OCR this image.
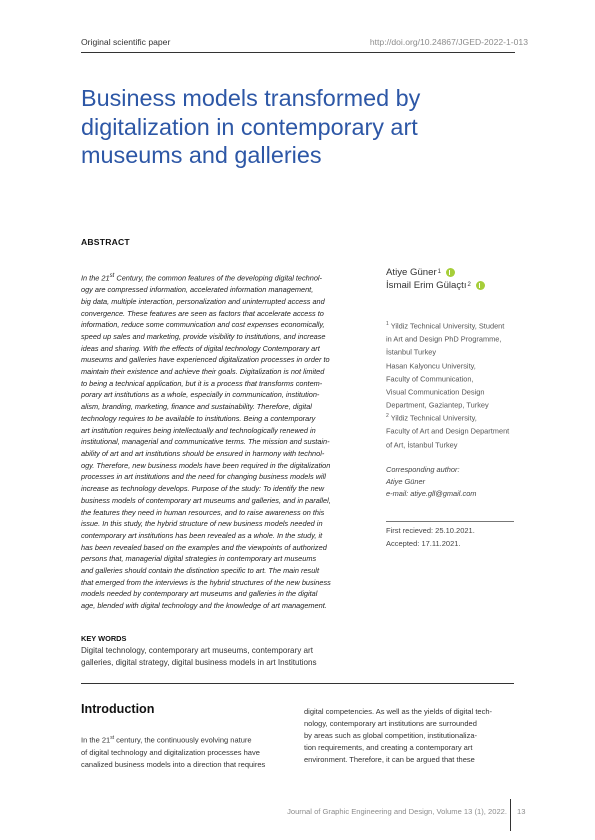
Original scientific paper	http://doi.org/10.24867/JGED-2022-1-013
Business models transformed by
digitalization in contemporary art
museums and galleries
ABSTRACT
In the 21st Century, the common features of the developing digital technol-
ogy are compressed information, accelerated information management,
big data, multiple interaction, personalization and uninterrupted access and
convergence. These features are seen as factors that accelerate access to
information, reduce some communication and cost expenses economically,
speed up sales and marketing, provide visibility to institutions, and increase
ideas and sharing. With the effects of digital technology Contemporary art
museums and galleries have experienced digitalization processes in order to
maintain their existence and achieve their goals. Digitalization is not limited
to being a technical application, but it is a process that transforms contem-
porary art institutions as a whole, especially in communication, institution-
alism, branding, marketing, finance and sustainability. Therefore, digital
technology requires to be available to institutions. Being a contemporary
art institution requires being intellectually and technologically renewed in
institutional, managerial and communicative terms. The mission and sustain-
ability of art and art institutions should be ensured in harmony with technol-
ogy. Therefore, new business models have been required in the digitalization
processes in art institutions and the need for changing business models will
increase as technology develops. Purpose of the study: To identify the new
business models of contemporary art museums and galleries, and in parallel,
the features they need in human resources, and to raise awareness on this
issue. In this study, the hybrid structure of new business models needed in
contemporary art institutions has been revealed as a whole. In the study, it
has been revealed based on the examples and the viewpoints of authorized
persons that, managerial digital strategies in contemporary art museums
and galleries should contain the distinction specific to art. The main result
that emerged from the interviews is the hybrid structures of the new business
models needed by contemporary art museums and galleries in the digital
age, blended with digital technology and the knowledge of art management.
Atiye Güner 1
İsmail Erim Gülaçtı 2
$^1$ Yildiz Technical University, Student
in Art and Design PhD Programme,
İstanbul Turkey
Hasan Kalyoncu University,
Faculty of Communication,
Visual Communication Design
Department, Gaziantep, Turkey
$^2$ Yildiz Technical University,
Faculty of Art and Design Department
of Art, İstanbul Turkey
Corresponding author:
Atiye Güner
e-mail: atiye.gll@gmail.com
First recieved: 25.10.2021.
Accepted: 17.11.2021.
KEY WORDS
Digital technology, contemporary art museums, contemporary art
galleries, digital strategy, digital business models in art Institutions
Introduction
In the 21st century, the continuously evolving nature
of digital technology and digitalization processes have
canalized business models into a direction that requires
digital competencies. As well as the yields of digital tech-
nology, contemporary art institutions are surrounded
by areas such as global competition, institutionaliza-
tion requirements, and creating a contemporary art
environment. Therefore, it can be argued that these
Journal of Graphic Engineering and Design, Volume 13 (1), 2022. 13
